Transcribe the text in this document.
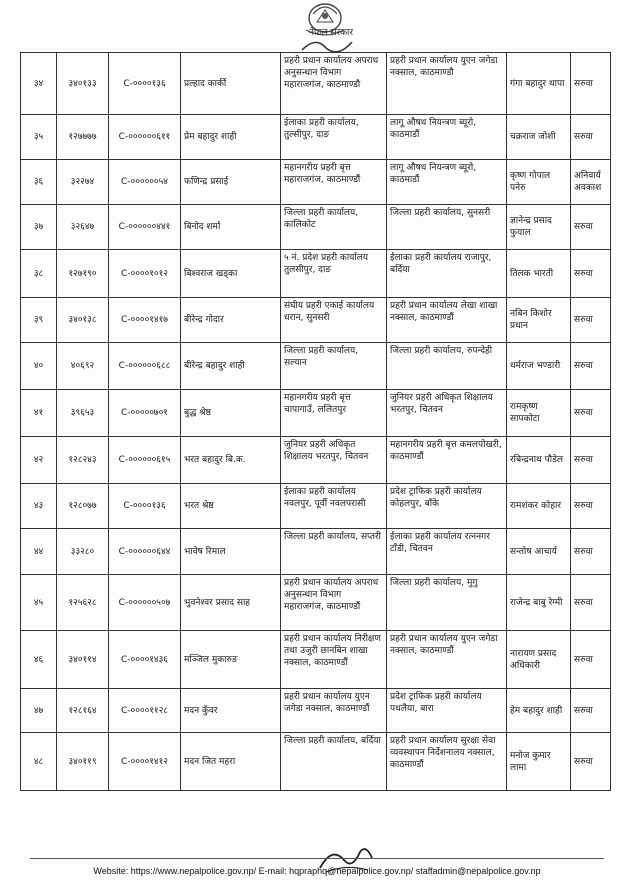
नेपाल सरकार
३४	३४०१३३	C-००००१३६	प्रल्हाद कार्की	प्रहरी प्रधान कार्यालय अपराध अनुसन्धान विभाग महाराजगंज, काठमाण्डौ	प्रहरी प्रधान कार्यालय युएन जगेडा नक्साल, काठमाण्डौ	गंगा बहादुर थापा	सरुवा
३५	१२७७७७	C-००००००६११	प्रेम बहादुर शाही	ईलाका प्रहरी कार्यालय, तुल्सीपुर, दाङ	लागू औषध नियन्त्रण ब्यूरो, काठमाडौं	चक्रराज जोशी	सरुवा
३६	३२२७४	C-००००००५४	फणिन्द्र प्रसाई	महानगरीय प्रहरी बृत्त महाराजगंज, काठमाण्डौं	लागू औषध नियन्त्रण ब्यूरो, काठमाडौं	कृष्ण गोपाल पनेरु	अनिवार्य अवकाश
३७	३२६४७	C-००००००४४१	बिनोद शर्मा	जिल्ला प्रहरी कार्यालय, कालिकोट	जिल्ला प्रहरी कार्यालय, सुनसरी	ज्ञानेन्द्र प्रसाद फुयाल	सरुवा
३८	१२७१९०	C-००००१०१२	बिश्वराज खड्का	५ नं. प्रदेश प्रहरी कार्यालय तुलसीपुर, दाङ	ईलाका प्रहरी कार्यालय राजापुर, बर्दिया	तिलक भारती	सरुवा
३९	३४०१३८	C-००००१४१७	बीरेन्द्र गोदार	संघीय प्रहरी एकाई कार्यालय धरान, सुनसरी	प्रहरी प्रधान कार्यालय लेखा शाखा नक्साल, काठमाण्डौं	नबिन किशोर प्रधान	सरुवा
४०	४०६९२	C-००००००६८८	बीरेन्द्र बहादुर शाही	जिल्ला प्रहरी कार्यालय, सल्यान	जिल्ला प्रहरी कार्यालय, रुपन्देही	धर्मराज भण्डारी	सरुवा
४१	३९६५३	C-०००००७०१	बुद्ध श्रेष्ठ	महानगरीय प्रहरी बृत्त चापागाउँ, ललितपुर	जुनियर प्रहरी अधिकृत शिक्षालय भरतपुर, चितवन	रामकृष्ण सापकोटा	सरुवा
४२	१२८२४३	C-००००००६१५	भरत बहादुर बि.क.	जुनियर प्रहरी अधिकृत शिक्षालय भरतपुर, चितवन	महानगरीय प्रहरी बृत्त कमलपोखरी, काठमाण्डौं	रबिन्द्रनाथ पौडेल	सरुवा
४३	१२८०७७	C-००००१३६	भरत श्रेष्ठ	ईलाका प्रहरी कार्यालय नवलपुर, पूर्वी नवलपरासी	प्रदेश ट्राफिक प्रहरी कार्यालय कोहलपुर, बाँके	रामशंकर कोहार	सरुवा
४४	३३२८०	C-००००००६४४	भावेष रिमाल	जिल्ला प्रहरी कार्यालय, सप्तरी	ईलाका प्रहरी कार्यालय रत्ननगर टाँडी, चितवन	सन्तोष आचार्य	सरुवा
४५	१२५६२८	C-००००००५०७	भुवनेश्वर प्रसाद साह	प्रहरी प्रधान कार्यालय अपराध अनुसन्धान विभाग महाराजगंज, काठमाण्डौं	जिल्ला प्रहरी कार्यालय, मुगु	राजेन्द्र बाबु रेग्मी	सरुवा
४६	३४०११४	C-००००१४३६	मञ्जिल मुकारुङ	प्रहरी प्रधान कार्यालय निरीक्षण तथा उजुरी छानबिन शाखा नक्साल, काठमाण्डौं	प्रहरी प्रधान कार्यालय युएन जगेडा नक्साल, काठमाण्डौं	नारायण प्रसाद अधिकारी	सरुवा
४७	१२८१६४	C-००००११२८	मदन कुँवर	प्रहरी प्रधान कार्यालय युएन जगेडा नक्साल, काठमाण्डौं	प्रदेश ट्राफिक प्रहरी कार्यालय पथलैया, बारा	हेम बहादुर शाही	सरुवा
४८	३४०११९	C-००००१४१२	मदन जित महरा	जिल्ला प्रहरी कार्यालय, बर्दिया	प्रहरी प्रधान कार्यालय सुरक्षा सेवा व्यवस्थापन निर्देशनालय नक्साल, काठमाण्डौं	मनोज कुमार लामा	सरुवा
Website: https://www.nepalpolice.gov.np/ E-mail: hqpraphq@nepalpolice.gov.np/ staffadmin@nepalpolice.gov.np
